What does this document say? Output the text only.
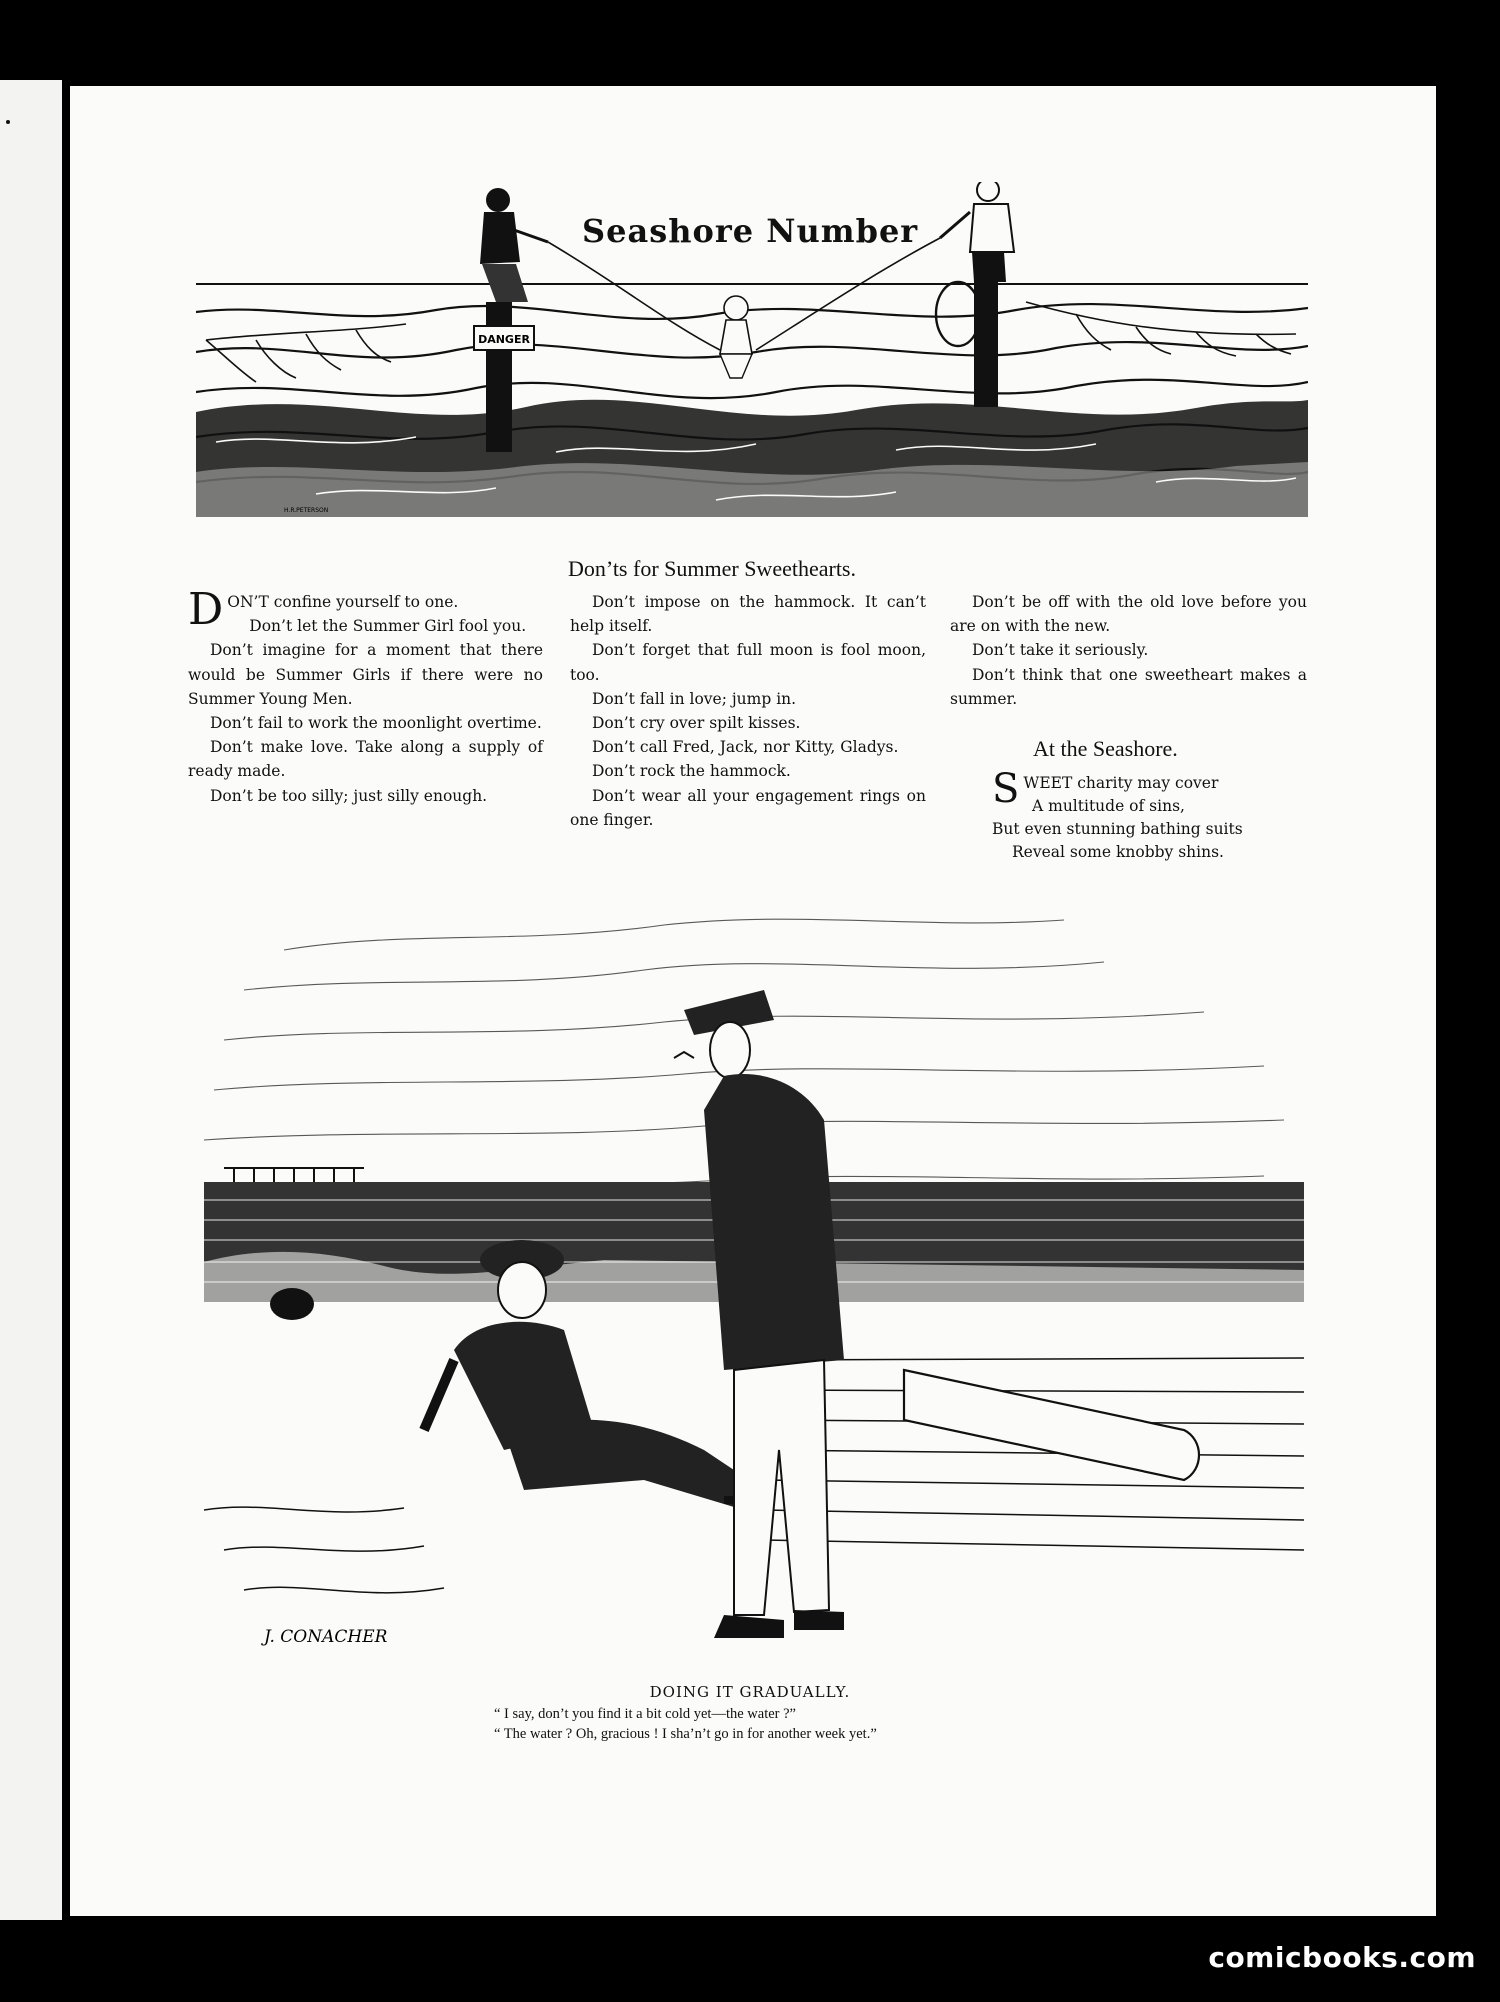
DANGER
H.R.PETERSON
Seashore Number
Don’ts for Summer Sweethearts.

DON’T confine yourself to one.

Don’t let the Summer Girl fool you.

Don’t imagine for a moment that there would be Summer Girls if there were no Summer Young Men.

Don’t fail to work the moonlight overtime.

Don’t make love. Take along a supply of ready made.

Don’t be too silly; just silly enough.

Don’t impose on the hammock. It can’t help itself.

Don’t forget that full moon is fool moon, too.

Don’t fall in love; jump in.

Don’t cry over spilt kisses.

Don’t call Fred, Jack, nor Kitty, Gladys.

Don’t rock the hammock.

Don’t wear all your engagement rings on one finger.

Don’t be off with the old love before you are on with the new.

Don’t take it seriously.

Don’t think that one sweetheart makes a summer.

At the Seashore.
SWEET charity may cover
A multitude of sins,
But even stunning bathing suits
Reveal some knobby shins.
J. CONACHER
DOING IT GRADUALLY.
“ I say, don’t you find it a bit cold yet—the water ?”
“ The water ? Oh, gracious ! I sha’n’t go in for another week yet.”
comicbooks.com
